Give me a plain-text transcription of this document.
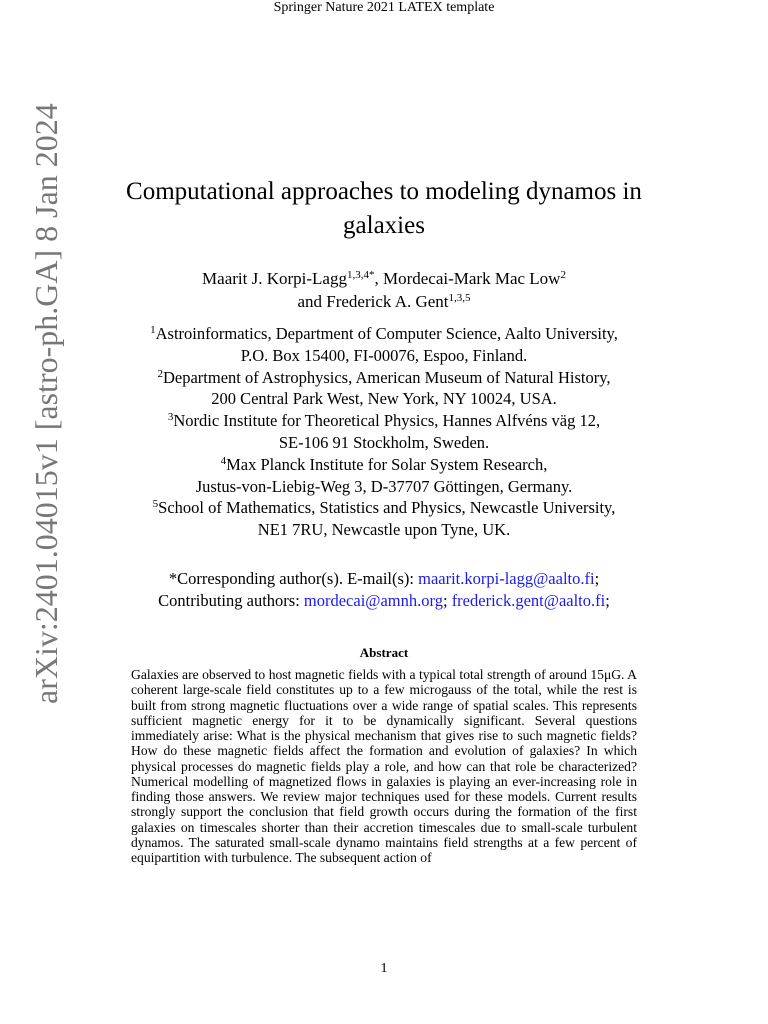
Springer Nature 2021 LATEX template
arXiv:2401.04015v1 [astro-ph.GA] 8 Jan 2024	Computational approaches to modeling dynamos in galaxies
Maarit J. Korpi-Lagg$^{1,3,4*}$, Mordecai-Mark Mac Low$^2$
and Frederick A. Gent$^{1,3,5}$
$^1$Astroinformatics, Department of Computer Science, Aalto University,
P.O. Box 15400, FI-00076, Espoo, Finland.
$^2$Department of Astrophysics, American Museum of Natural History,
200 Central Park West, New York, NY 10024, USA.
$^3$Nordic Institute for Theoretical Physics, Hannes Alfvéns väg 12,
SE-106 91 Stockholm, Sweden.
$^4$Max Planck Institute for Solar System Research,
Justus-von-Liebig-Weg 3, D-37707 Göttingen, Germany.
$^5$School of Mathematics, Statistics and Physics, Newcastle University,
NE1 7RU, Newcastle upon Tyne, UK.
*Corresponding author(s). E-mail(s): maarit.korpi-lagg@aalto.fi;
Contributing authors: mordecai@amnh.org; frederick.gent@aalto.fi;
Abstract
Galaxies are observed to host magnetic fields with a typical total strength of around 15μG. A coherent large-scale field constitutes up to a few microgauss of the total, while the rest is built from strong magnetic fluctuations over a wide range of spatial scales. This represents sufficient magnetic energy for it to be dynamically significant. Several questions immediately arise: What is the physical mechanism that gives rise to such magnetic fields? How do these magnetic fields affect the formation and evolution of galaxies? In which physical processes do magnetic fields play a role, and how can that role be characterized? Numerical modelling of magnetized flows in galaxies is playing an ever-increasing role in finding those answers. We review major techniques used for these models. Current results strongly support the conclusion that field growth occurs during the formation of the first galaxies on timescales shorter than their accretion timescales due to small-scale turbulent dynamos. The saturated small-scale dynamo maintains field strengths at a few percent of equipartition with turbulence. The subsequent action of
1
